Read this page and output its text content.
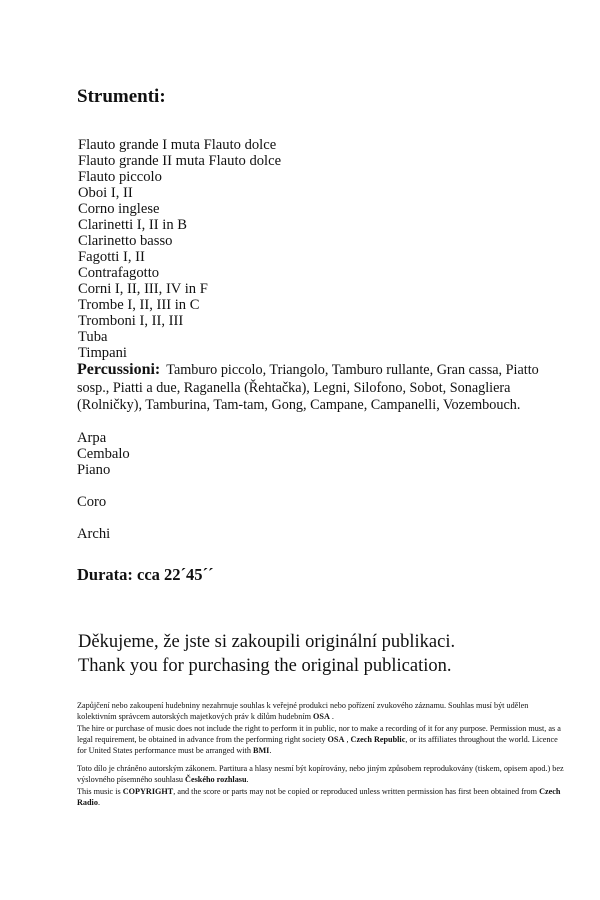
Strumenti:
Flauto grande I muta Flauto dolce
Flauto grande II muta Flauto dolce
Flauto piccolo
Oboi I, II
Corno inglese
Clarinetti I, II in B
Clarinetto basso
Fagotti I, II
Contrafagotto
Corni I, II, III, IV in F
Trombe I, II, III in C
Tromboni I, II, III
Tuba
Timpani

Percussioni: Tamburo piccolo, Triangolo, Tamburo rullante, Gran cassa, Piatto sosp., Piatti a due, Raganella (Řehtačka), Legni, Silofono, Sobot, Sonagliera (Rolničky), Tamburina, Tam-tam, Gong, Campane, Campanelli, Vozembouch.

Arpa
Cembalo
Piano

Coro

Archi

Durata: cca 22´45´´

Děkujeme, že jste si zakoupili originální publikaci.
Thank you for purchasing the original publication.

Zapůjčení nebo zakoupení hudebniny nezahrnuje souhlas k veřejné produkci nebo pořízení zvukového záznamu. Souhlas musí být udělen kolektivním správcem autorských majetkových práv k dílům hudebním OSA .

The hire or purchase of music does not include the right to perform it in public, nor to make a recording of it for any purpose. Permission must, as a legal requirement, be obtained in advance from the performing right society OSA , Czech Republic, or its affiliates throughout the world. Licence for United States performance must be arranged with BMI.

Toto dílo je chráněno autorským zákonem. Partitura a hlasy nesmí být kopírovány, nebo jiným způsobem reprodukovány (tiskem, opisem apod.) bez výslovného písemného souhlasu Českého rozhlasu.

This music is COPYRIGHT, and the score or parts may not be copied or reproduced unless written permission has first been obtained from Czech Radio.
